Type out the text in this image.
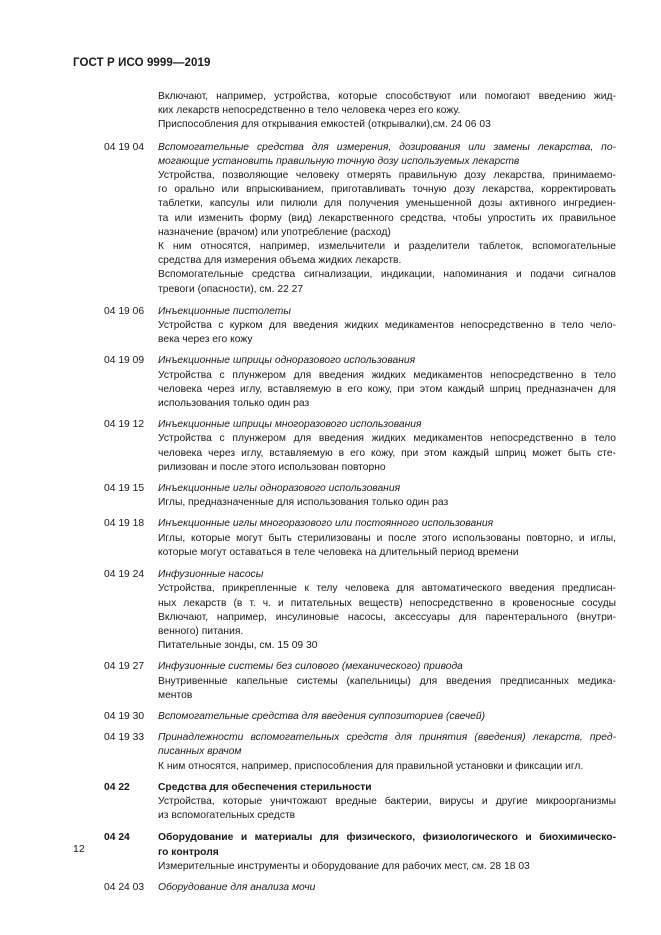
ГОСТ Р ИСО 9999—2019
Включают, например, устройства, которые способствуют или помогают введению жид-
ких лекарств непосредственно в тело человека через его кожу.
Приспособления для открывания емкостей (открывалки),см. 24 06 03
04 19 04	Вспомогательные средства для измерения, дозирования или замены лекарства, по-
могающие установить правильную точную дозу используемых лекарств
Устройства, позволяющие человеку отмерять правильную дозу лекарства, принимаемо-
го орально или впрыскиванием, приготавливать точную дозу лекарства, корректировать
таблетки, капсулы или пилюли для получения уменьшенной дозы активного ингредиен-
та или изменить форму (вид) лекарственного средства, чтобы упростить их правильное
назначение (врачом) или употребление (расход)
К ним относятся, например, измельчители и разделители таблеток, вспомогательные
средства для измерения объема жидких лекарств.
Вспомогательные средства сигнализации, индикации, напоминания и подачи сигналов
тревоги (опасности), см. 22 27
04 19 06	Инъекционные пистолеты
Устройства с курком для введения жидких медикаментов непосредственно в тело чело-
века через его кожу
04 19 09	Инъекционные шприцы одноразового использования
Устройства с плунжером для введения жидких медикаментов непосредственно в тело
человека через иглу, вставляемую в его кожу, при этом каждый шприц предназначен для
использования только один раз
04 19 12	Инъекционные шприцы многоразового использования
Устройства с плунжером для введения жидких медикаментов непосредственно в тело
человека через иглу, вставляемую в его кожу, при этом каждый шприц может быть сте-
рилизован и после этого использован повторно
04 19 15	Инъекционные иглы одноразового использования
Иглы, предназначенные для использования только один раз
04 19 18	Инъекционные иглы многоразового или постоянного использования
Иглы, которые могут быть стерилизованы и после этого использованы повторно, и иглы,
которые могут оставаться в теле человека на длительный период времени
04 19 24	Инфузионные насосы
Устройства, прикрепленные к телу человека для автоматического введения предписан-
ных лекарств (в т. ч. и питательных веществ) непосредственно в кровеносные сосуды
Включают, например, инсулиновые насосы, аксессуары для парентерального (внутри-
венного) питания.
Питательные зонды, см. 15 09 30
04 19 27	Инфузионные системы без силового (механического) привода
Внутривенные капельные системы (капельницы) для введения предписанных медика-
ментов
04 19 30	Вспомогательные средства для введения суппозиториев (свечей)
04 19 33	Принадлежности вспомогательных средств для принятия (введения) лекарств, пред-
писанных врачом
К ним относятся, например, приспособления для правильной установки и фиксации игл.
04 22	Средства для обеспечения стерильности
Устройства, которые уничтожают вредные бактерии, вирусы и другие микроорганизмы
из вспомогательных средств
04 24	Оборудование и материалы для физического, физиологического и биохимическо-
го контроля
Измерительные инструменты и оборудование для рабочих мест, см. 28 18 03
04 24 03	Оборудование для анализа мочи
12
